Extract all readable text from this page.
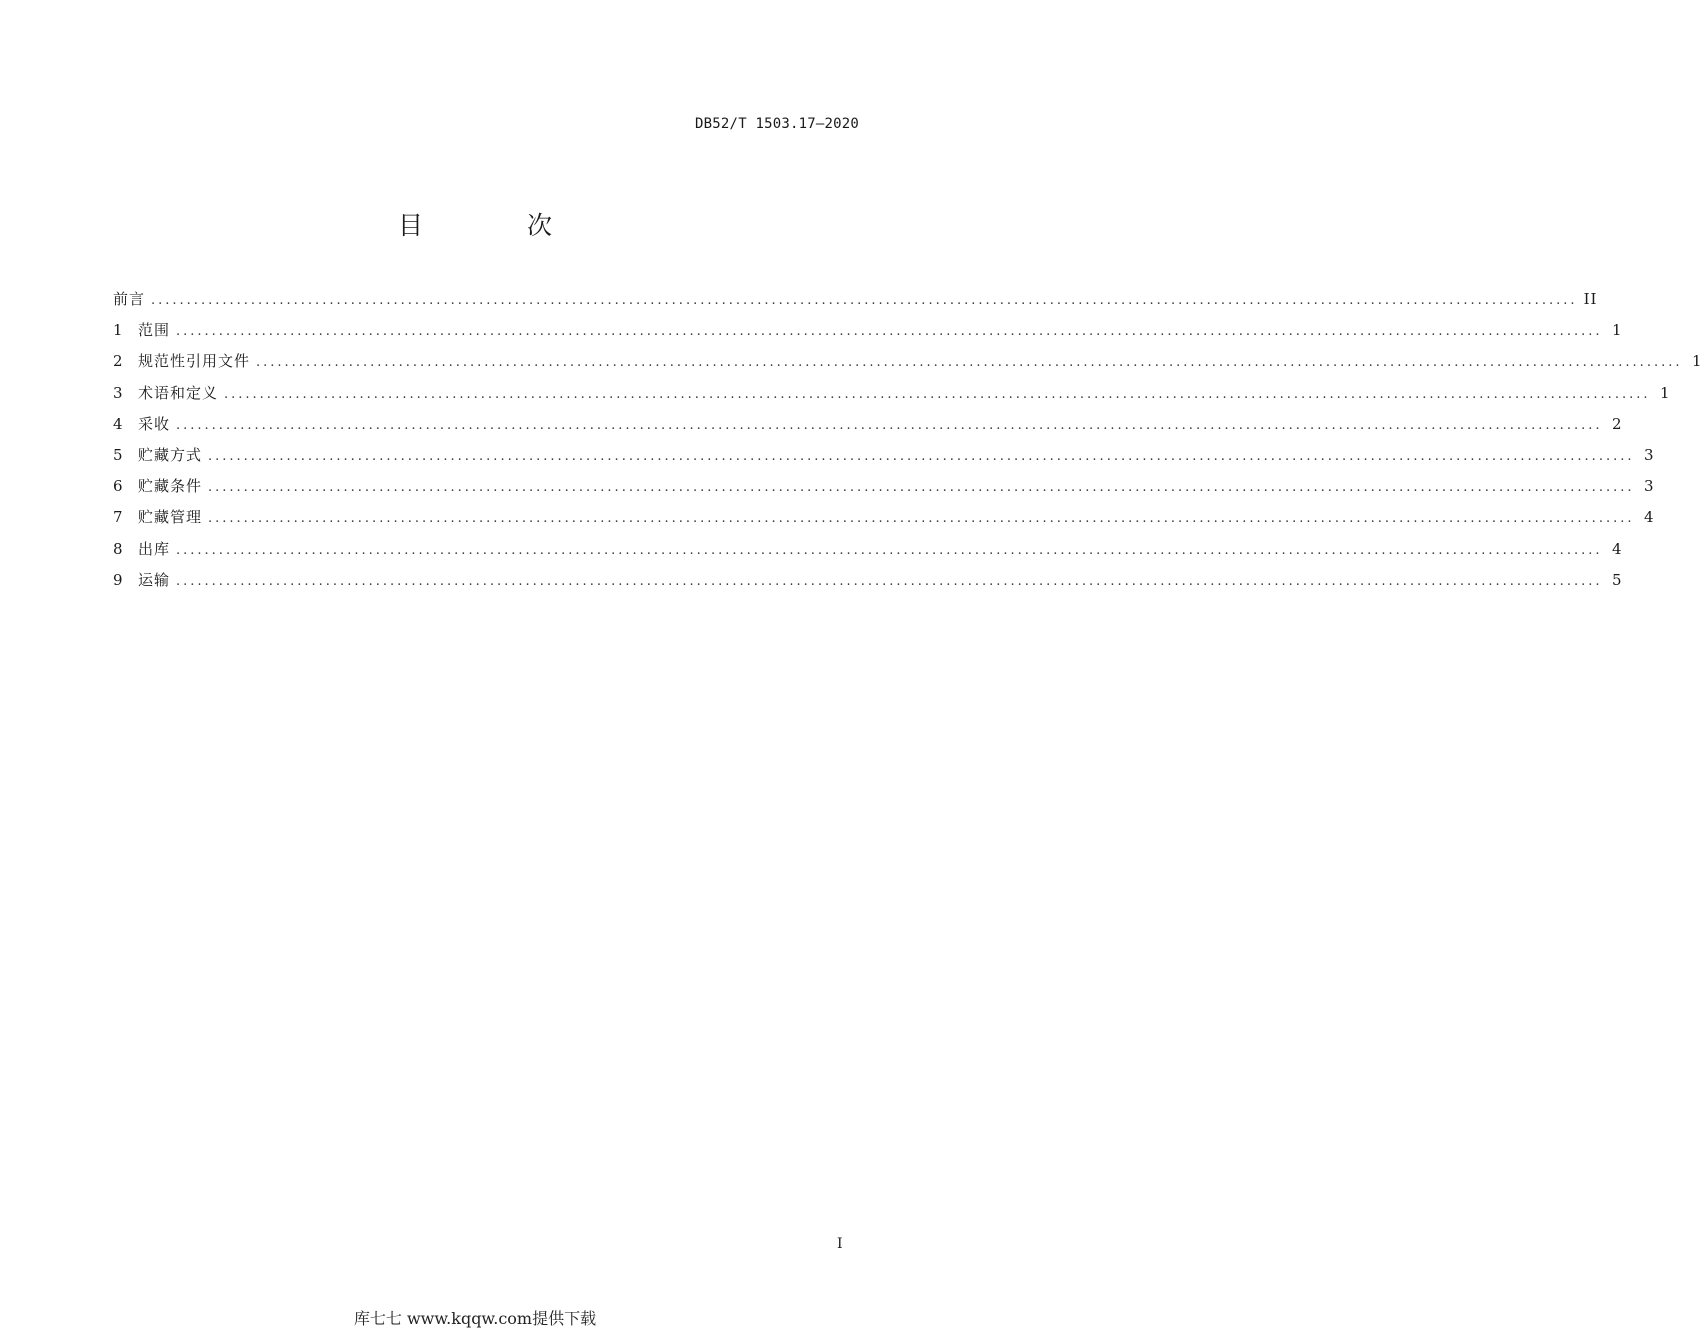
DB52/T 1503.17—2020
目 次
前言 ........................................................................................................................................................................................................ II
1	范围 ........................................................................................................................................................................................................ 1
2	规范性引用文件 ........................................................................................................................................................................................................ 1
3	术语和定义 ........................................................................................................................................................................................................ 1
4	采收 ........................................................................................................................................................................................................ 2
5	贮藏方式 ........................................................................................................................................................................................................ 3
6	贮藏条件 ........................................................................................................................................................................................................ 3
7	贮藏管理 ........................................................................................................................................................................................................ 4
8	出库 ........................................................................................................................................................................................................ 4
9	运输 ........................................................................................................................................................................................................ 5
I
库七七 www.kqqw.com提供下载
